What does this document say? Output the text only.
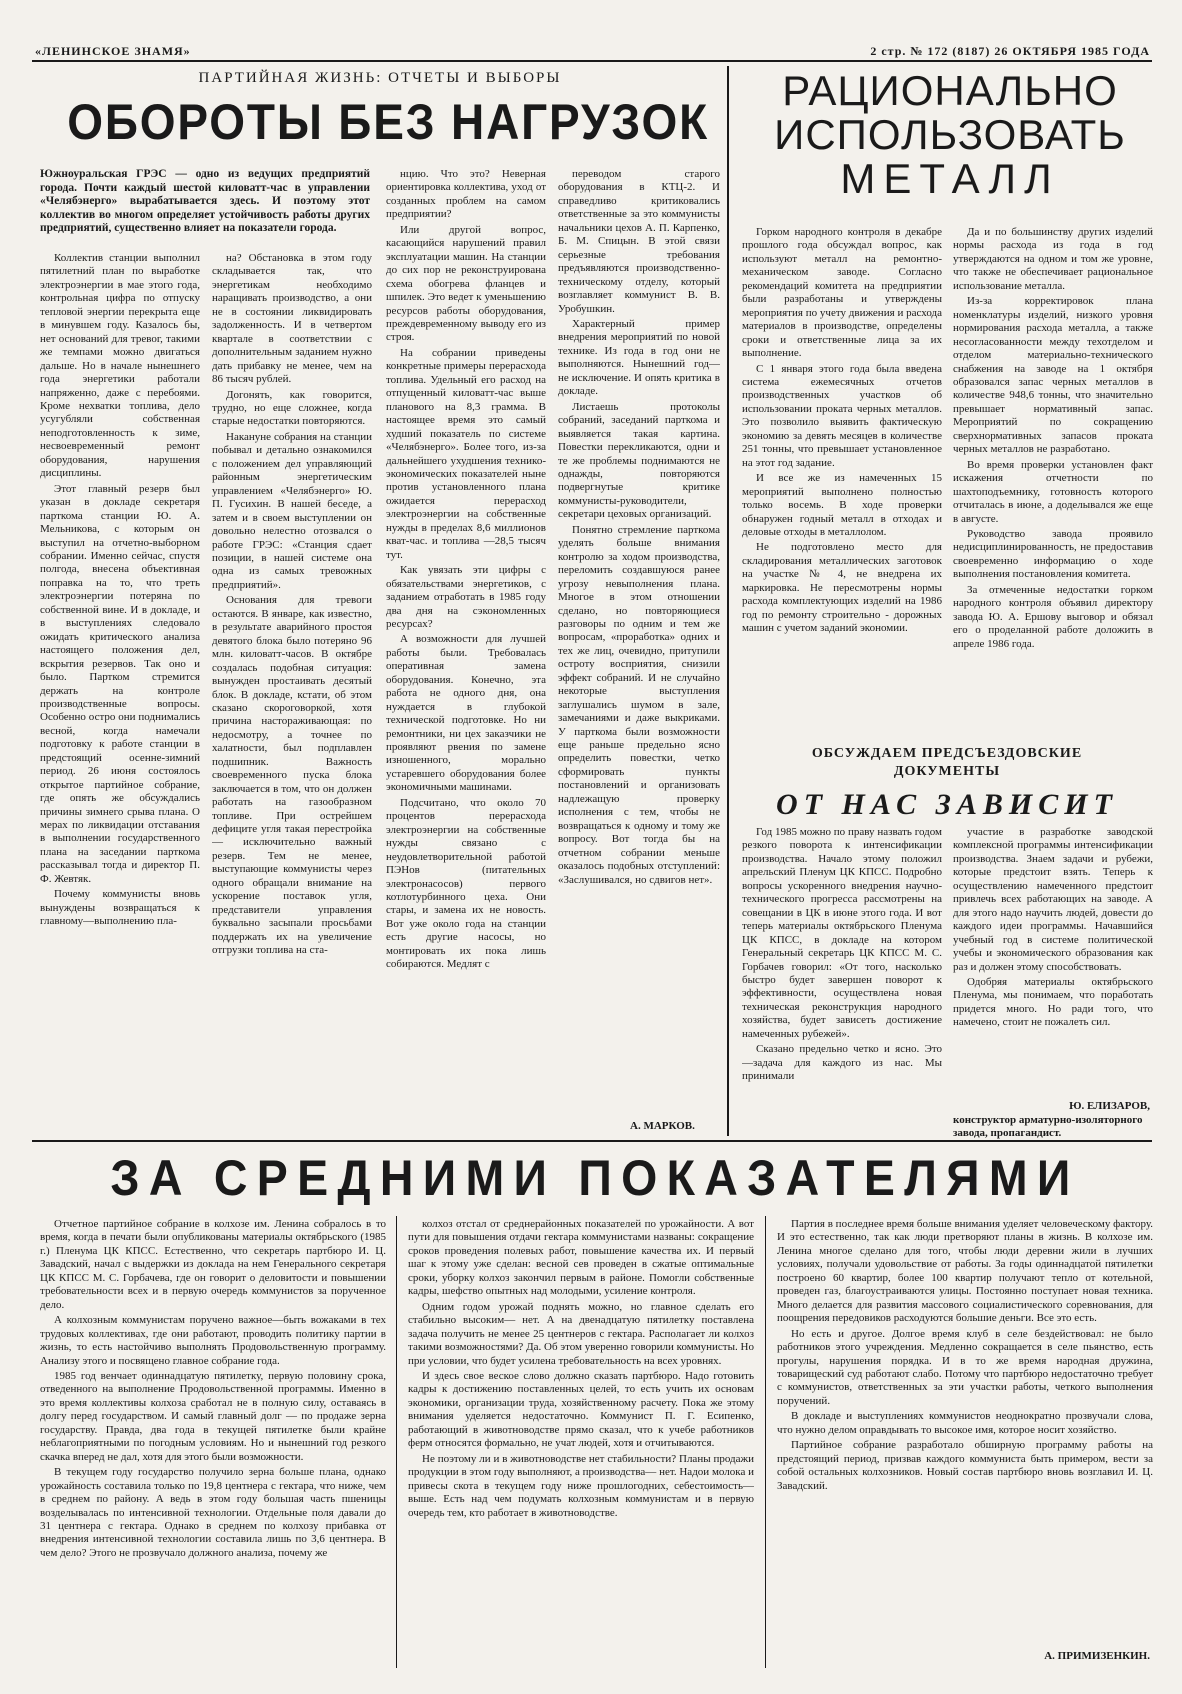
«ЛЕНИНСКОЕ ЗНАМЯ»	2 стр. № 172 (8187) 26 ОКТЯБРЯ 1985 ГОДА
ПАРТИЙНАЯ ЖИЗНЬ: ОТЧЕТЫ И ВЫБОРЫ
ОБОРОТЫ БЕЗ НАГРУЗОК
Южноуральская ГРЭС — одно из ведущих предприятий города. Почти каждый шестой киловатт-час в управлении «Челябэнерго» вырабатывается здесь. И поэтому этот коллектив во многом определяет устойчивость работы других предприятий, существенно влияет на показатели города.

Коллектив станции выполнил пятилетний план по выработке электроэнергии в мае этого года, контрольная цифра по отпуску тепловой энергии перекрыта еще в минувшем году. Казалось бы, нет оснований для тревог, такими же темпами можно двигаться дальше. Но в начале нынешнего года энергетики работали напряженно, даже с перебоями. Кроме нехватки топлива, дело усугубляли собственная неподготовленность к зиме, несвоевременный ремонт оборудования, нарушения дисциплины.

Этот главный резерв был указан в докладе секретаря парткома станции Ю. А. Мельникова, с которым он выступил на отчетно-выборном собрании. Именно сейчас, спустя полгода, внесена объективная поправка на то, что треть электроэнергии потеряна по собственной вине. И в докладе, и в выступлениях следовало ожидать критического анализа настоящего положения дел, вскрытия резервов. Так оно и было. Партком стремится держать на контроле производственные вопросы. Особенно остро они поднимались весной, когда намечали подготовку к работе станции в предстоящий осенне-зимний период. 26 июня состоялось открытое партийное собрание, где опять же обсуждались причины зимнего срыва плана. О мерах по ликвидации отставания в выполнении государственного плана на заседании парткома рассказывал тогда и директор П. Ф. Жевтяк.

Почему коммунисты вновь вынуждены возвращаться к главному—выполнению пла-

на? Обстановка в этом году складывается так, что энергетикам необходимо наращивать производство, а они не в состоянии ликвидировать задолженность. И в четвертом квартале в соответствии с дополнительным заданием нужно дать прибавку не менее, чем на 86 тысяч рублей.

Догонять, как говорится, трудно, но еще сложнее, когда старые недостатки повторяются.

Накануне собрания на станции побывал и детально ознакомился с положением дел управляющий районным энергетическим управлением «Челябэнерго» Ю. П. Гусихин. В нашей беседе, а затем и в своем выступлении он довольно нелестно отозвался о работе ГРЭС: «Станция сдает позиции, в нашей системе она одна из самых тревожных предприятий».

Основания для тревоги остаются. В январе, как известно, в результате аварийного простоя девятого блока было потеряно 96 млн. киловатт-часов. В октябре создалась подобная ситуация: вынужден простаивать десятый блок. В докладе, кстати, об этом сказано скороговоркой, хотя причина настораживающая: по недосмотру, а точнее по халатности, был подплавлен подшипник. Важность своевременного пуска блока заключается в том, что он должен работать на газообразном топливе. При острейшем дефиците угля такая перестройка— исключительно важный резерв. Тем не менее, выступающие коммунисты через одного обращали внимание на ускорение поставок угля, представители управления буквально засыпали просьбами поддержать их на увеличение отгрузки топлива на ста-

нцию. Что это? Неверная ориентировка коллектива, уход от созданных проблем на самом предприятии?

Или другой вопрос, касающийся нарушений правил эксплуатации машин. На станции до сих пор не реконструирована схема обогрева фланцев и шпилек. Это ведет к уменьшению ресурсов работы оборудования, преждевременному выводу его из строя.

На собрании приведены конкретные примеры перерасхода топлива. Удельный его расход на отпущенный киловатт-час выше планового на 8,3 грамма. В настоящее время это самый худший показатель по системе «Челябэнерго». Более того, из-за дальнейшего ухудшения технико-экономических показателей ныне против установленного плана ожидается перерасход электроэнергии на собственные нужды в пределах 8,6 миллионов кват-час. и топлива —28,5 тысяч тут.

Как увязать эти цифры с обязательствами энергетиков, с заданием отработать в 1985 году два дня на сэкономленных ресурсах?

А возможности для лучшей работы были. Требовалась оперативная замена оборудования. Конечно, эта работа не одного дня, она нуждается в глубокой технической подготовке. Но ни ремонтники, ни цех заказчики не проявляют рвения по замене изношенного, морально устаревшего оборудования более экономичными машинами.

Подсчитано, что около 70 процентов перерасхода электроэнергии на собственные нужды связано с неудовлетворительной работой ПЭНов (питательных электронасосов) первого котлотурбинного цеха. Они стары, и замена их не новость. Вот уже около года на станции есть другие насосы, но монтировать их пока лишь собираются. Медлят с

переводом старого оборудования в КТЦ-2. И справедливо критиковались ответственные за это коммунисты начальники цехов А. П. Карпенко, Б. М. Спицын. В этой связи серьезные требования предъявляются производственно-техническому отделу, который возглавляет коммунист В. В. Уробушкин.

Характерный пример внедрения мероприятий по новой технике. Из года в год они не выполняются. Нынешний год— не исключение. И опять критика в докладе.

Листаешь протоколы собраний, заседаний парткома и выявляется такая картина. Повестки перекликаются, одни и те же проблемы поднимаются не однажды, повторяются подвергнутые критике коммунисты-руководители, секретари цеховых организаций.

Понятно стремление парткома уделять больше внимания контролю за ходом производства, переломить создавшуюся ранее угрозу невыполнения плана. Многое в этом отношении сделано, но повторяющиеся разговоры по одним и тем же вопросам, «проработка» одних и тех же лиц, очевидно, притупили остроту восприятия, снизили эффект собраний. И не случайно некоторые выступления заглушались шумом в зале, замечаниями и даже выкриками. У парткома были возможности еще раньше предельно ясно определить повестки, четко сформировать пункты постановлений и организовать надлежащую проверку исполнения с тем, чтобы не возвращаться к одному и тому же вопросу. Вот тогда бы на отчетном собрании меньше оказалось подобных отступлений: «Заслушивался, но сдвигов нет».

А. МАРКОВ.
РАЦИОНАЛЬНО
ИСПОЛЬЗОВАТЬ
МЕТАЛЛ

Горком народного контроля в декабре прошлого года обсуждал вопрос, как используют металл на ремонтно-механическом заводе. Согласно рекомендаций комитета на предприятии были разработаны и утверждены мероприятия по учету движения и расхода материалов в производстве, определены сроки и ответственные лица за их выполнение.

С 1 января этого года была введена система ежемесячных отчетов производственных участков об использовании проката черных металлов. Это позволило выявить фактическую экономию за девять месяцев в количестве 251 тонны, что превышает установленное на этот год задание.

И все же из намеченных 15 мероприятий выполнено полностью только восемь. В ходе проверки обнаружен годный металл в отходах и деловые отходы в металлолом.

Не подготовлено место для складирования металлических заготовок на участке № 4, не внедрена их маркировка. Не пересмотрены нормы расхода комплектующих изделий на 1986 год по ремонту строительно - дорожных машин с учетом заданий экономии.

Да и по большинству других изделий нормы расхода из года в год утверждаются на одном и том же уровне, что также не обеспечивает рациональное использование металла.

Из-за корректировок плана номенклатуры изделий, низкого уровня нормирования расхода металла, а также несогласованности между техотделом и отделом материально-технического снабжения на заводе на 1 октября образовался запас черных металлов в количестве 948,6 тонны, что значительно превышает нормативный запас. Мероприятий по сокращению сверхнормативных запасов проката черных металлов не разработано.

Во время проверки установлен факт искажения отчетности по шахтоподъемнику, готовность которого отчиталась в июне, а доделывался же еще в августе.

Руководство завода проявило недисциплинированность, не предоставив своевременно информацию о ходе выполнения постановления комитета.

За отмеченные недостатки горком народного контроля объявил директору завода Ю. А. Ершову выговор и обязал его о проделанной работе доложить в апреле 1986 года.

ОБСУЖДАЕМ ПРЕДСЪЕЗДОВСКИЕ
ДОКУМЕНТЫ
ОТ НАС ЗАВИСИТ

Год 1985 можно по праву назвать годом резкого поворота к интенсификации производства. Начало этому положил апрельский Пленум ЦК КПСС. Подробно вопросы ускоренного внедрения научно-технического прогресса рассмотрены на совещании в ЦК в июне этого года. И вот теперь материалы октябрьского Пленума ЦК КПСС, в докладе на котором Генеральный секретарь ЦК КПСС М. С. Горбачев говорил: «От того, насколько быстро будет завершен поворот к эффективности, осуществлена новая техническая реконструкция народного хозяйства, будет зависеть достижение намеченных рубежей».

Сказано предельно четко и ясно. Это —задача для каждого из нас. Мы принимали

участие в разработке заводской комплексной программы интенсификации производства. Знаем задачи и рубежи, которые предстоит взять. Теперь к осуществлению намеченного предстоит привлечь всех работающих на заводе. А для этого надо научить людей, довести до каждого идеи программы. Начавшийся учебный год в системе политической учебы и экономического образования как раз и должен этому способствовать.

Одобряя материалы октябрьского Пленума, мы понимаем, что поработать придется много. Но ради того, что намечено, стоит не пожалеть сил.

Ю. ЕЛИЗАРОВ,
конструктор арматурно-изоляторного завода, пропагандист.
ЗА СРЕДНИМИ ПОКАЗАТЕЛЯМИ

Отчетное партийное собрание в колхозе им. Ленина собралось в то время, когда в печати были опубликованы материалы октябрьского (1985 г.) Пленума ЦК КПСС. Естественно, что секретарь партбюро И. Ц. Завадский, начал с выдержки из доклада на нем Генерального секретаря ЦК КПСС М. С. Горбачева, где он говорит о деловитости и повышении требовательности всех и в первую очередь коммунистов за порученное дело.

А колхозным коммунистам поручено важное—быть вожаками в тех трудовых коллективах, где они работают, проводить политику партии в жизнь, то есть настойчиво выполнять Продовольственную программу. Анализу этого и посвящено главное собрание года.

1985 год венчает одиннадцатую пятилетку, первую половину срока, отведенного на выполнение Продовольственной программы. Именно в это время коллективы колхоза сработал не в полную силу, оставаясь в долгу перед государством. И самый главный долг — по продаже зерна государству. Правда, два года в текущей пятилетке были крайне неблагоприятными по погодным условиям. Но и нынешний год резкого скачка вперед не дал, хотя для этого были возможности.

В текущем году государство получило зерна больше плана, однако урожайность составила только по 19,8 центнера с гектара, что ниже, чем в среднем по району. А ведь в этом году большая часть пшеницы возделывалась по интенсивной технологии. Отдельные поля давали до 31 центнера с гектара. Однако в среднем по колхозу прибавка от внедрения интенсивной технологии составила лишь по 3,6 центнера. В чем дело? Этого не прозвучало должного анализа, почему же

колхоз отстал от среднерайонных показателей по урожайности. А вот пути для повышения отдачи гектара коммунистами названы: сокращение сроков проведения полевых работ, повышение качества их. И первый шаг к этому уже сделан: весной сев проведен в сжатые оптимальные сроки, уборку колхоз закончил первым в районе. Помогли собственные кадры, шефство опытных над молодыми, усиление контроля.

Одним годом урожай поднять можно, но главное сделать его стабильно высоким— нет. А на двенадцатую пятилетку поставлена задача получить не менее 25 центнеров с гектара. Располагает ли колхоз такими возможностями? Да. Об этом уверенно говорили коммунисты. Но при условии, что будет усилена требовательность на всех уровнях.

И здесь свое веское слово должно сказать партбюро. Надо готовить кадры к достижению поставленных целей, то есть учить их основам экономики, организации труда, хозяйственному расчету. Пока же этому внимания уделяется недостаточно. Коммунист П. Г. Есипенко, работающий в животноводстве прямо сказал, что к учебе работников ферм относятся формально, не учат людей, хотя и отчитываются.

Не поэтому ли и в животноводстве нет стабильности? Планы продажи продукции в этом году выполняют, а производства— нет. Надои молока и привесы скота в текущем году ниже прошлогодних, себестоимость—выше. Есть над чем подумать колхозным коммунистам и в первую очередь тем, кто работает в животноводстве.

Партия в последнее время больше внимания уделяет человеческому фактору. И это естественно, так как люди претворяют планы в жизнь. В колхозе им. Ленина многое сделано для того, чтобы люди деревни жили в лучших условиях, получали удовольствие от работы. За годы одиннадцатой пятилетки построено 60 квартир, более 100 квартир получают тепло от котельной, проведен газ, благоустраиваются улицы. Постоянно поступает новая техника. Много делается для развития массового социалистического соревнования, для поощрения передовиков расходуются большие деньги. Все это есть.

Но есть и другое. Долгое время клуб в селе бездействовал: не было работников этого учреждения. Медленно сокращается в селе пьянство, есть прогулы, нарушения порядка. И в то же время народная дружина, товарищеский суд работают слабо. Потому что партбюро недостаточно требует с коммунистов, ответственных за эти участки работы, четкого выполнения поручений.

В докладе и выступлениях коммунистов неоднократно прозвучали слова, что нужно делом оправдывать то высокое имя, которое носит хозяйство.

Партийное собрание разработало обширную программу работы на предстоящий период, призвав каждого коммуниста быть примером, вести за собой остальных колхозников. Новый состав партбюро вновь возглавил И. Ц. Завадский.

А. ПРИМИЗЕНКИН.
